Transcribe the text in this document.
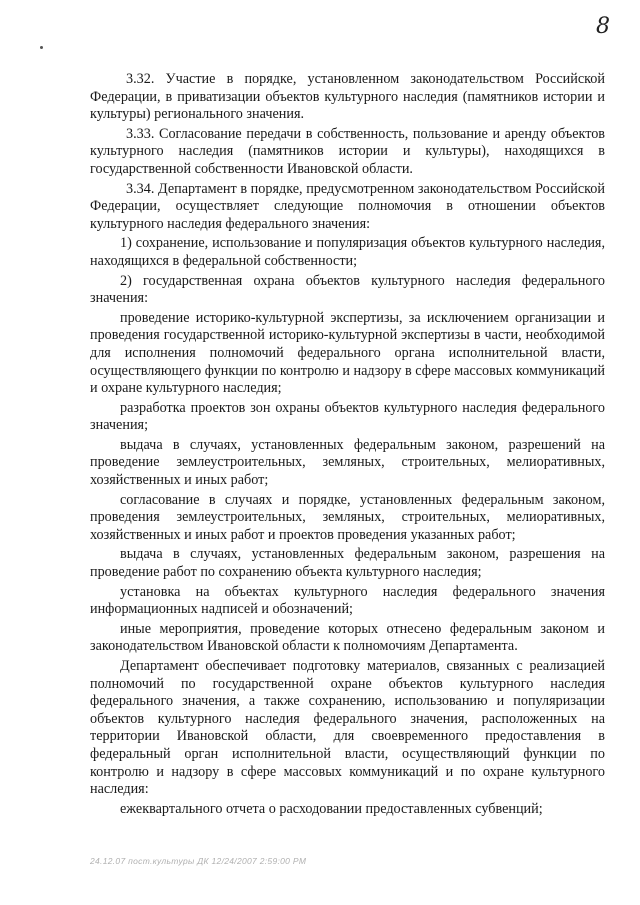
8

3.32. Участие в порядке, установленном законодательством Российской Федерации, в приватизации объектов культурного наследия (памятников истории и культуры) регионального значения.

3.33. Согласование передачи в собственность, пользование и аренду объектов культурного наследия (памятников истории и культуры), находящихся в государственной собственности Ивановской области.

3.34. Департамент в порядке, предусмотренном законодательством Российской Федерации, осуществляет следующие полномочия в отношении объектов культурного наследия федерального значения:

1) сохранение, использование и популяризация объектов культурного наследия, находящихся в федеральной собственности;

2) государственная охрана объектов культурного наследия федерального значения:

проведение историко-культурной экспертизы, за исключением организации и проведения государственной историко-культурной экспертизы в части, необходимой для исполнения полномочий федерального органа исполнительной власти, осуществляющего функции по контролю и надзору в сфере массовых коммуникаций и охране культурного наследия;

разработка проектов зон охраны объектов культурного наследия федерального значения;

выдача в случаях, установленных федеральным законом, разрешений на проведение землеустроительных, земляных, строительных, мелиоративных, хозяйственных и иных работ;

согласование в случаях и порядке, установленных федеральным законом, проведения землеустроительных, земляных, строительных, мелиоративных, хозяйственных и иных работ и проектов проведения указанных работ;

выдача в случаях, установленных федеральным законом, разрешения на проведение работ по сохранению объекта культурного наследия;

установка на объектах культурного наследия федерального значения информационных надписей и обозначений;

иные мероприятия, проведение которых отнесено федеральным законом и законодательством Ивановской области к полномочиям Департамента.

Департамент обеспечивает подготовку материалов, связанных с реализацией полномочий по государственной охране объектов культурного наследия федерального значения, а также сохранению, использованию и популяризации объектов культурного наследия федерального значения, расположенных на территории Ивановской области, для своевременного предоставления в федеральный орган исполнительной власти, осуществляющий функции по контролю и надзору в сфере массовых коммуникаций и по охране культурного наследия:

ежеквартального отчета о расходовании предоставленных субвенций;

24.12.07 пост.культуры ДК 12/24/2007 2:59:00 PM
